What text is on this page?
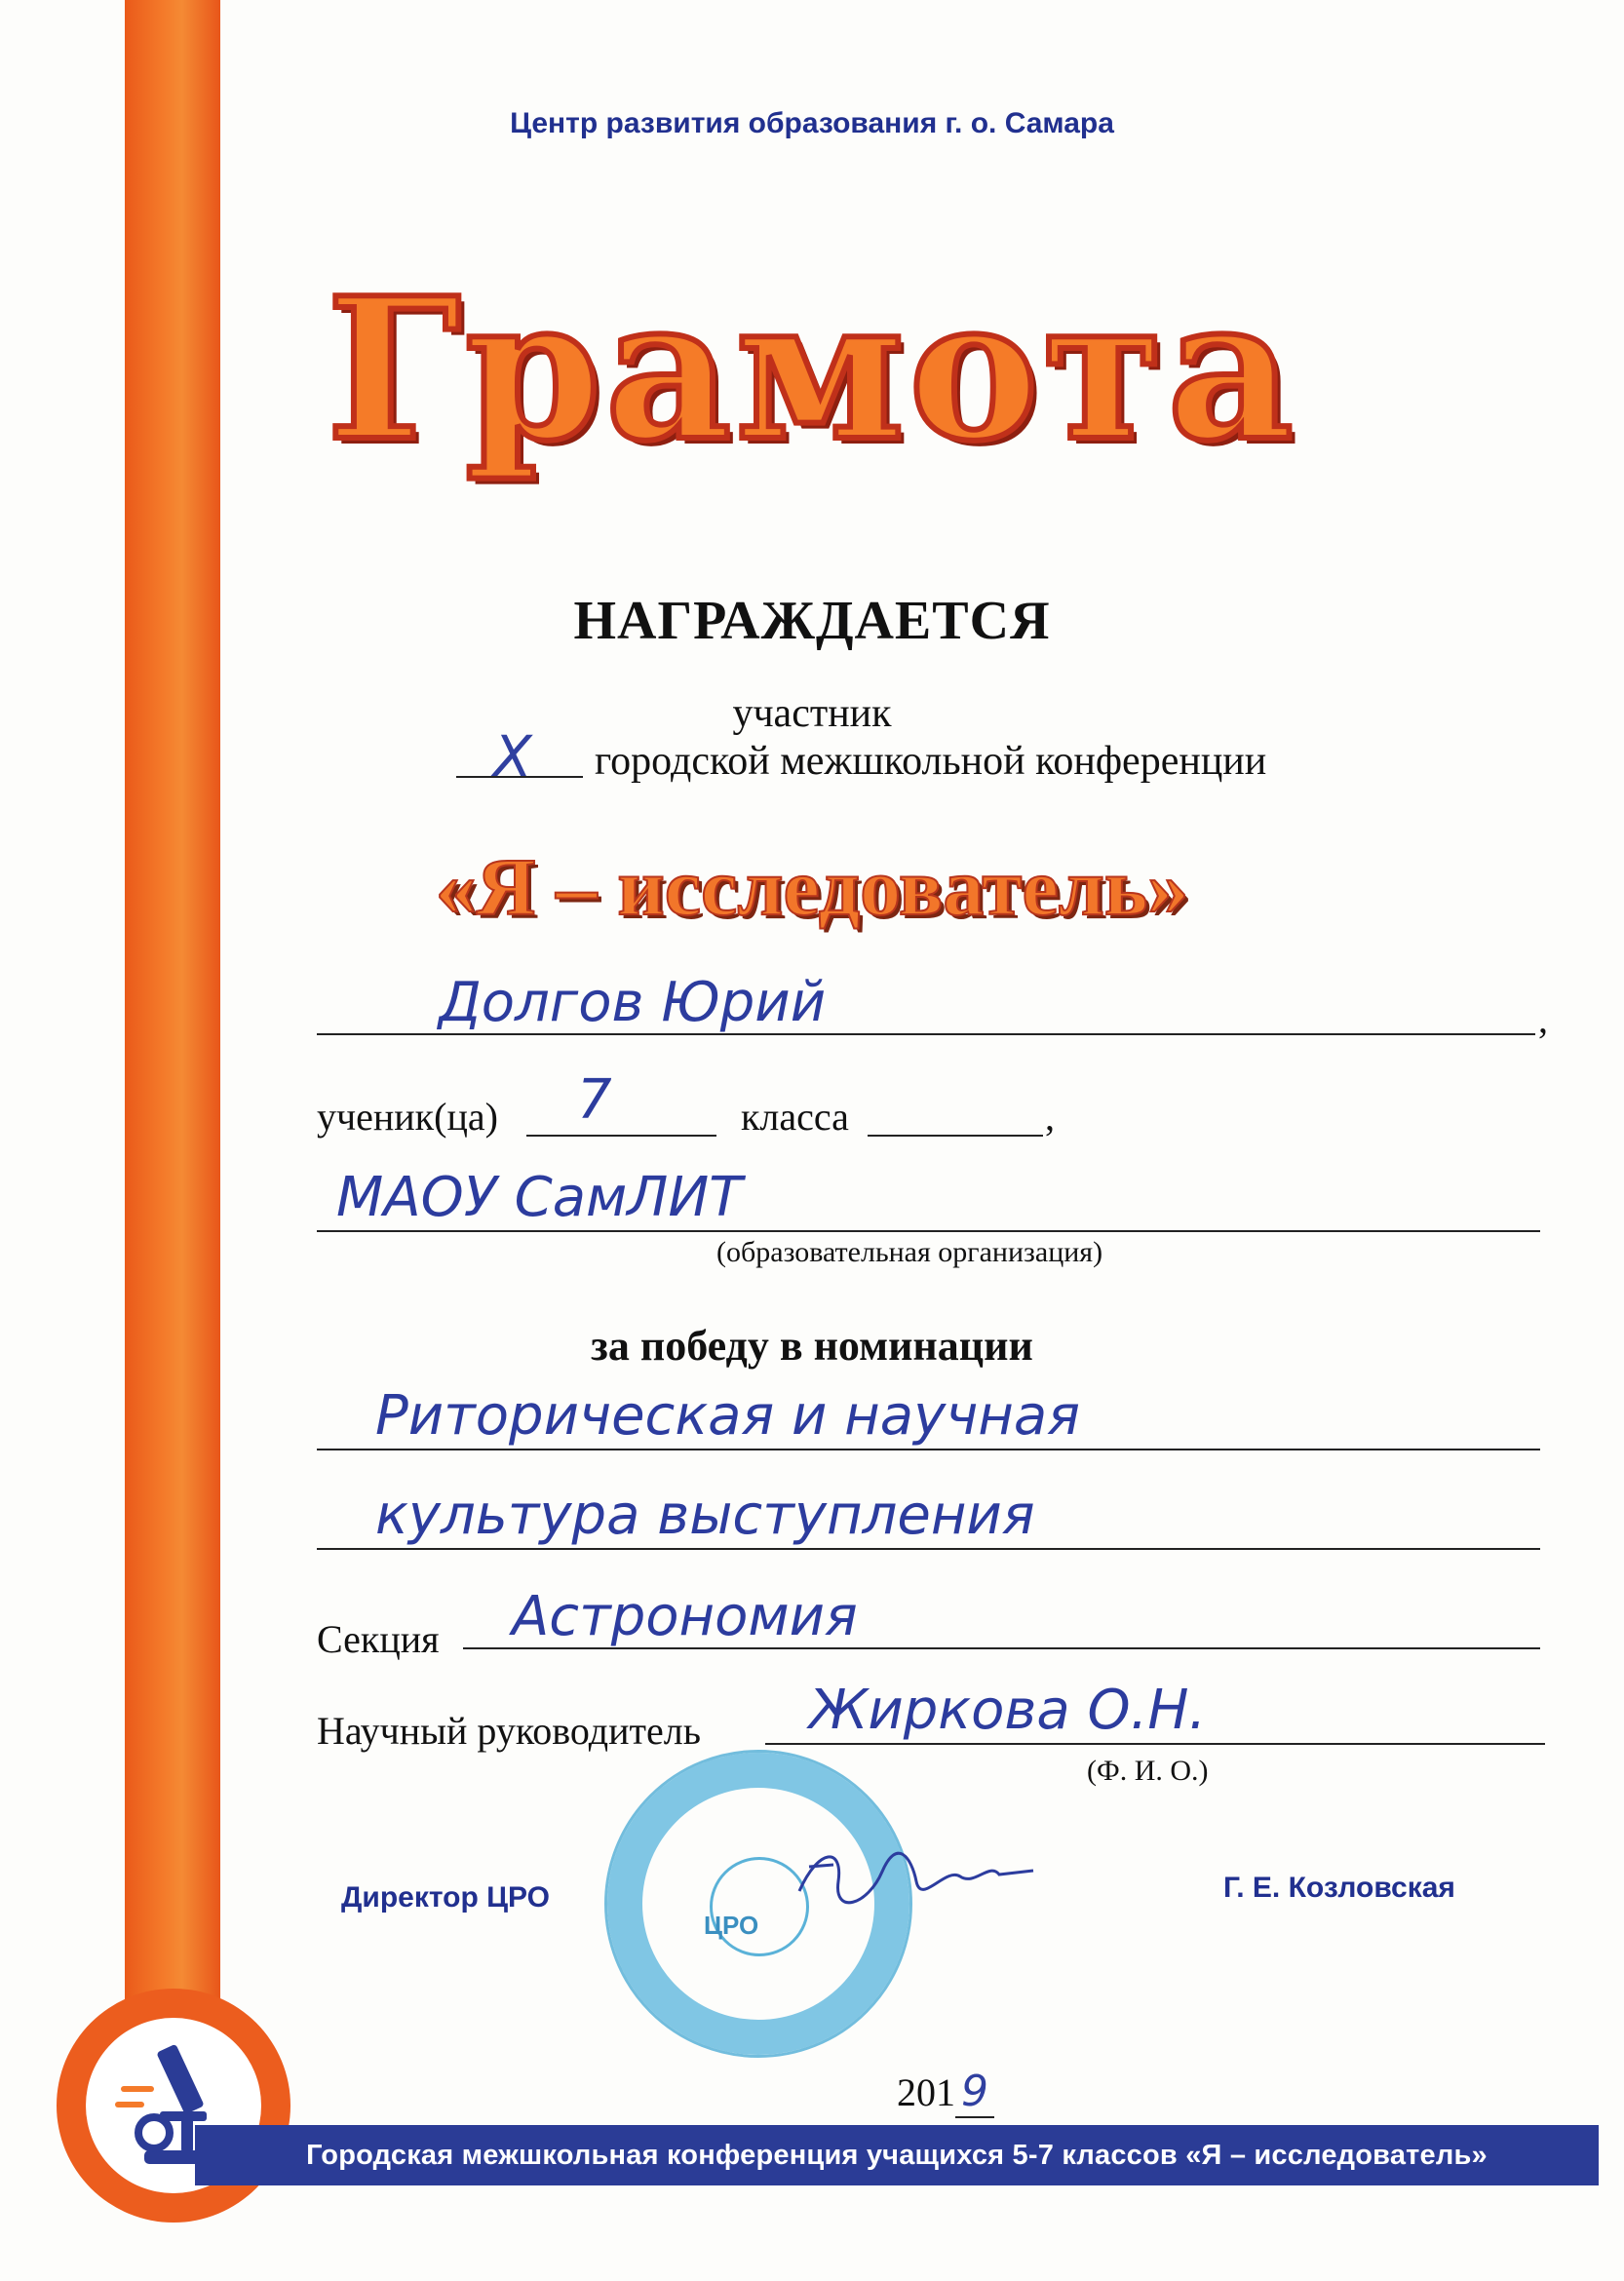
Городская межшкольная конференция учащихся 5-7 классов «Я – исследователь»
Центр развития образования г. о. Самара
Грамота
НАГРАЖДАЕТСЯ
участник
X городской межшкольной конференции
«Я – исследователь»
Долгов Юрий	,
ученик(ца) 7	класса	,
МАОУ СамЛИТ
(образовательная организация)
за победу в номинации
Риторическая и научная
культура выступления
Секция Астрономия
Научный руководитель Жиркова О.Н.
(Ф. И. О.)
Директор ЦРО	Г. Е. Козловская
ЦРО
201 9
